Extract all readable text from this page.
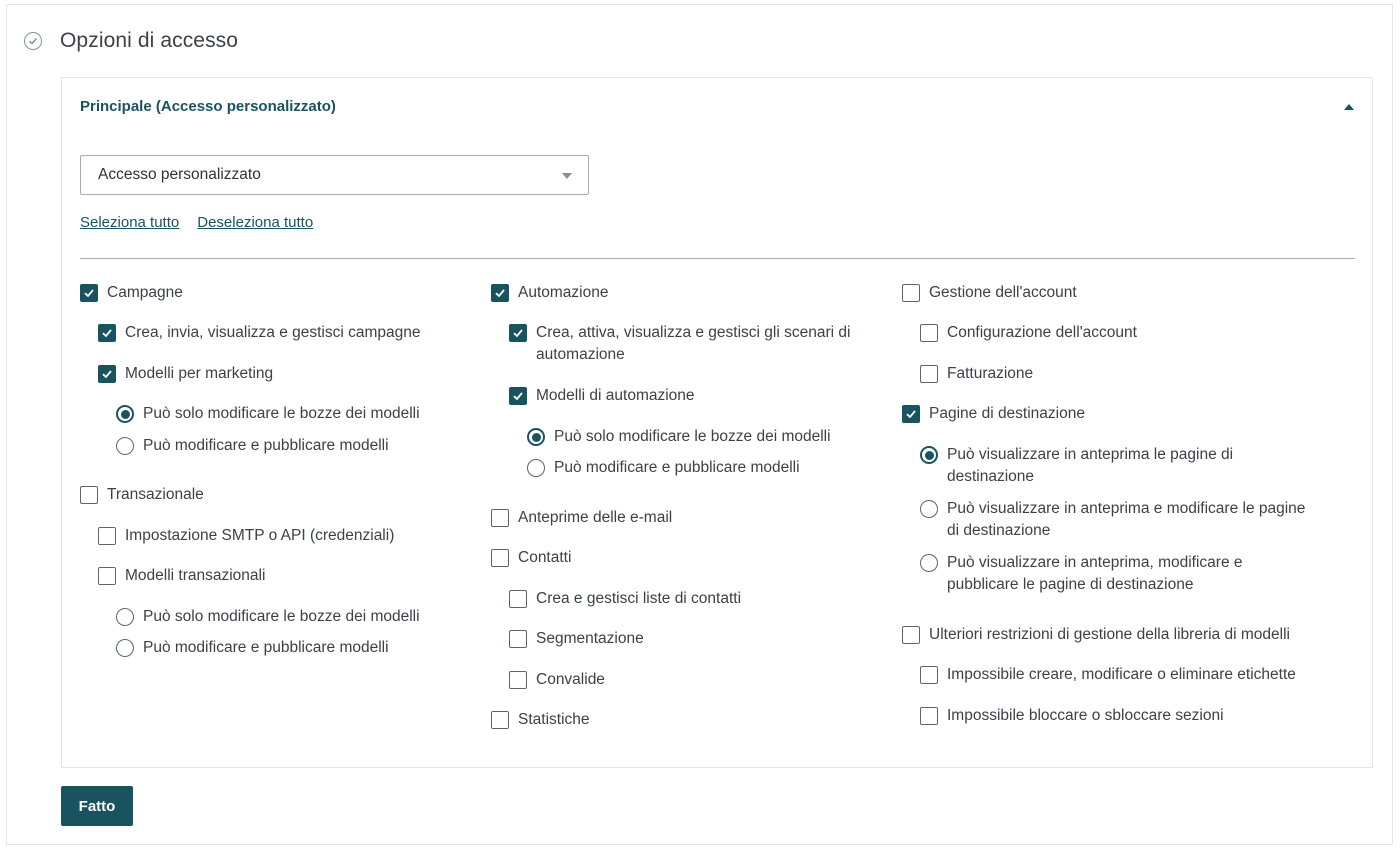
Opzioni di accesso
Principale (Accesso personalizzato)
Accesso personalizzato
Seleziona tutto Deseleziona tutto
Campagne
Crea, invia, visualizza e gestisci campagne
Modelli per marketing
Può solo modificare le bozze dei modelli
Può modificare e pubblicare modelli
Transazionale
Impostazione SMTP o API (credenziali)
Modelli transazionali
Può solo modificare le bozze dei modelli
Può modificare e pubblicare modelli
Automazione
Crea, attiva, visualizza e gestisci gli scenari di
automazione
Modelli di automazione
Può solo modificare le bozze dei modelli
Può modificare e pubblicare modelli
Anteprime delle e-mail
Contatti
Crea e gestisci liste di contatti
Segmentazione
Convalide
Statistiche
Gestione dell'account
Configurazione dell'account
Fatturazione
Pagine di destinazione
Può visualizzare in anteprima le pagine di
destinazione
Può visualizzare in anteprima e modificare le pagine
di destinazione
Può visualizzare in anteprima, modificare e
pubblicare le pagine di destinazione
Ulteriori restrizioni di gestione della libreria di modelli
Impossibile creare, modificare o eliminare etichette
Impossibile bloccare o sbloccare sezioni
Fatto
